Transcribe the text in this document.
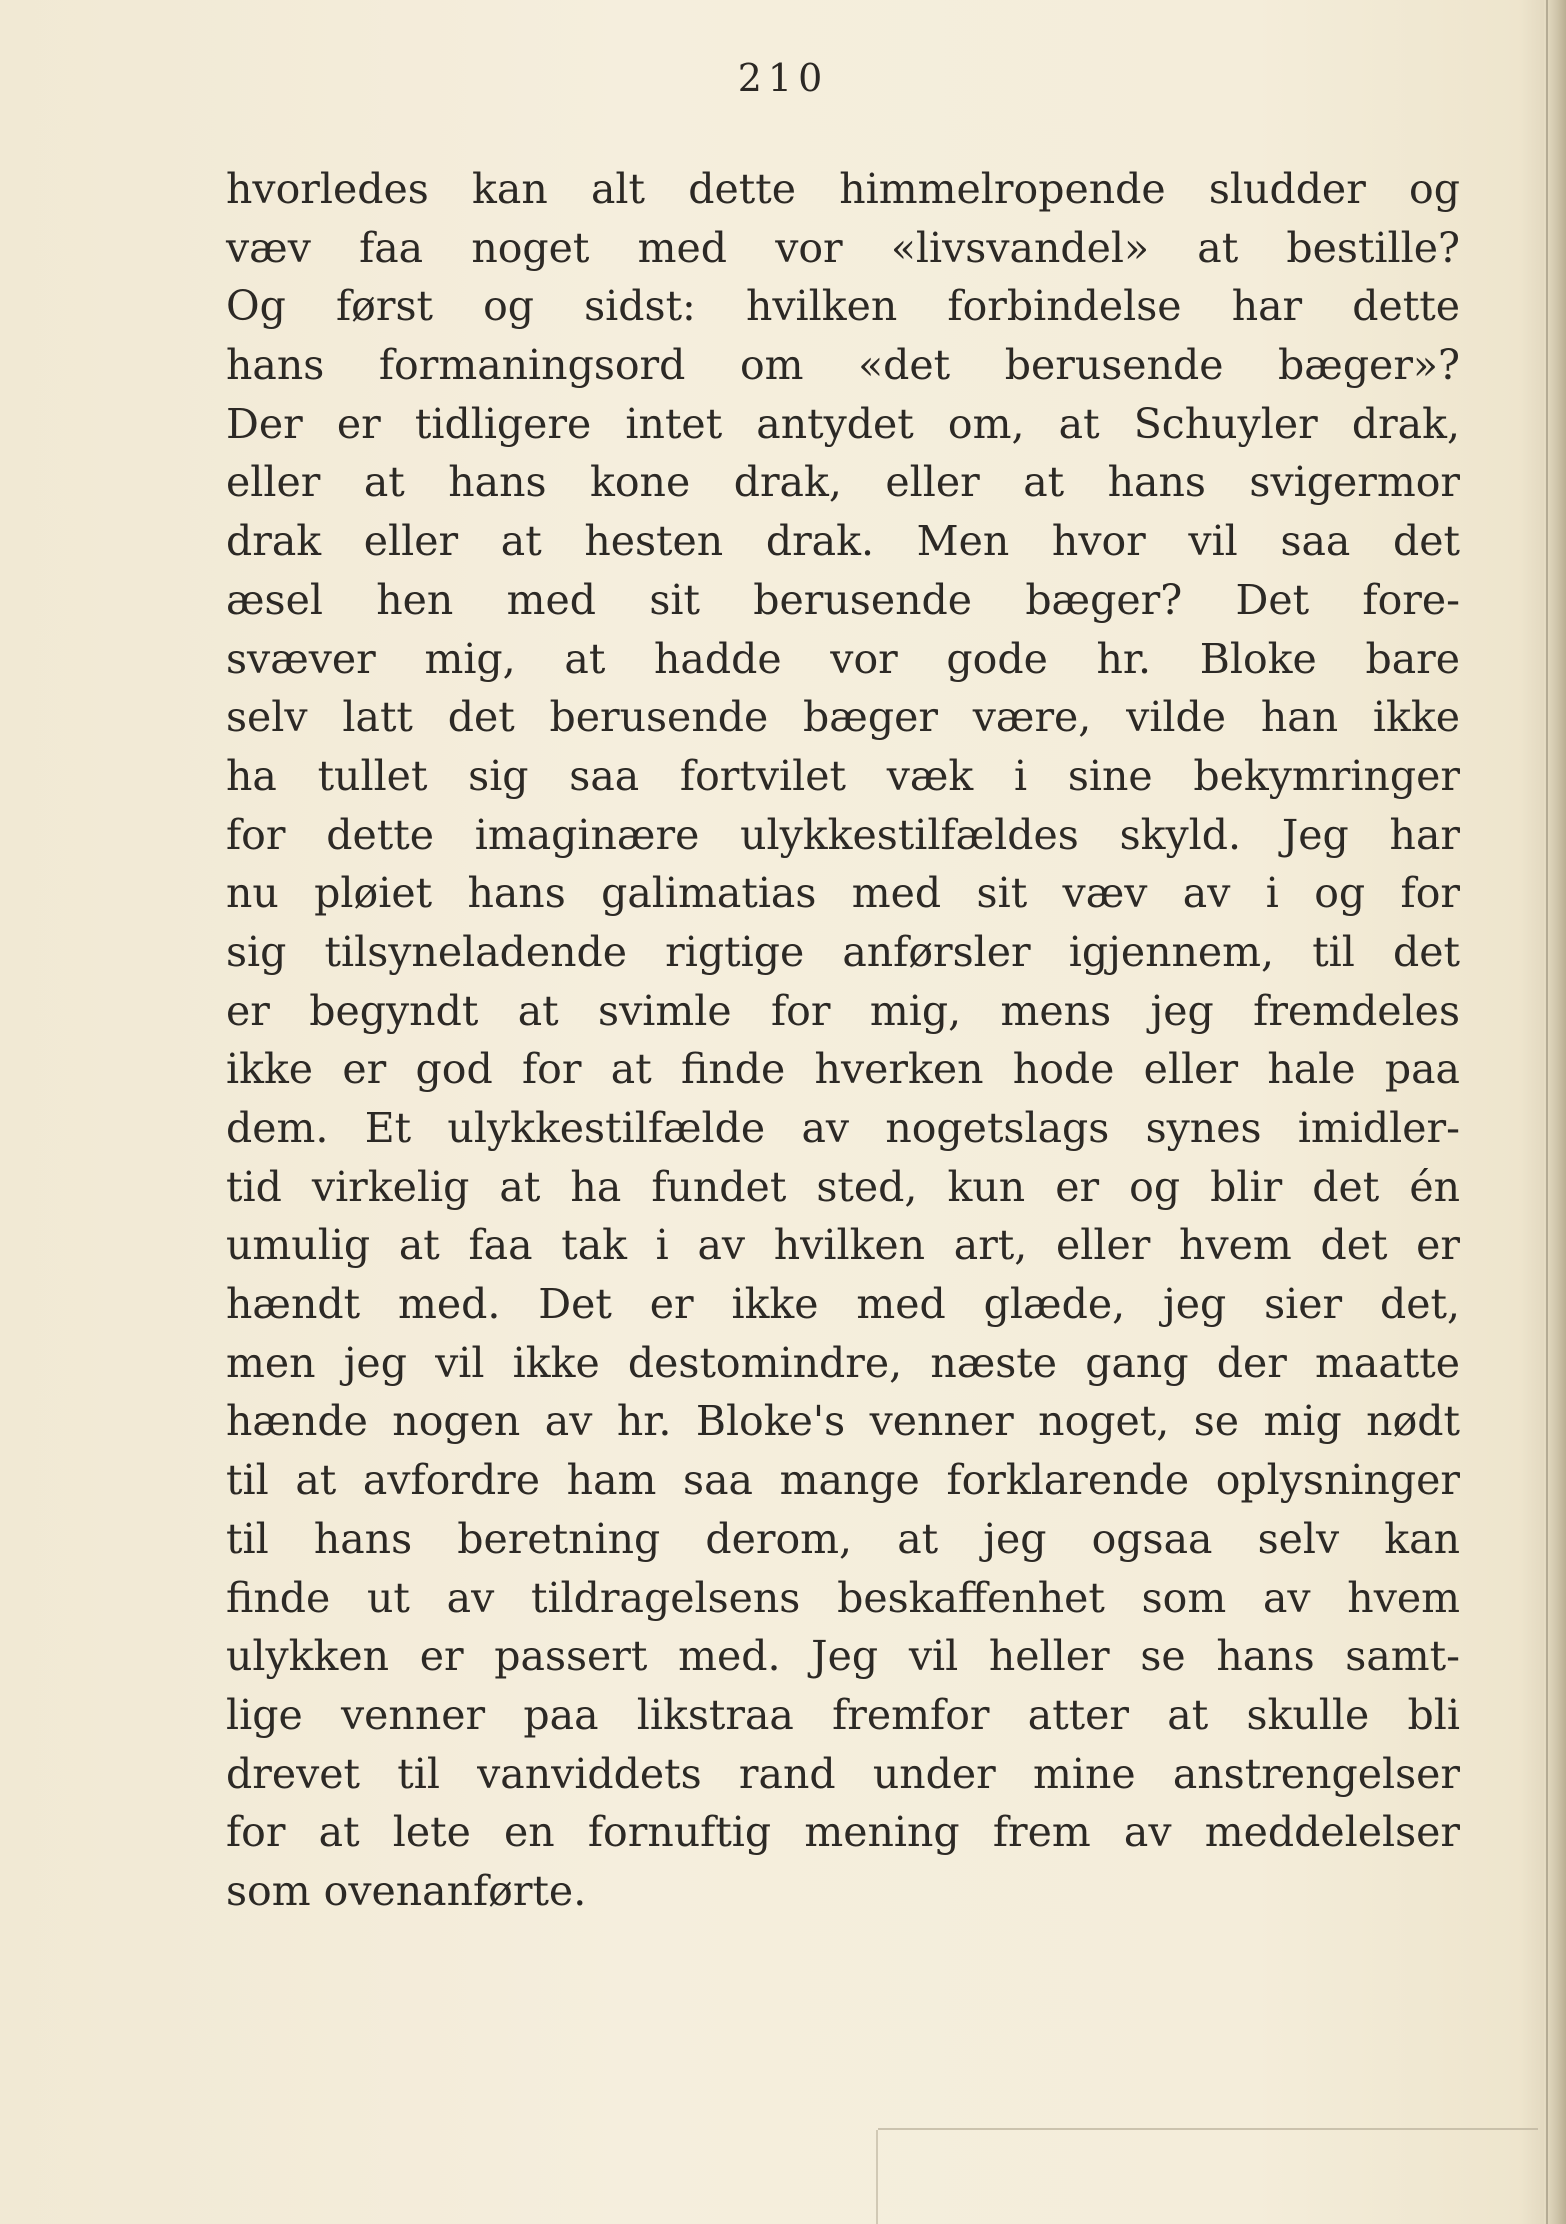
210
hvorledes kan alt dette himmelropende sludder og
væv faa noget med vor «livsvandel» at bestille?
Og først og sidst: hvilken forbindelse har dette
hans formaningsord om «det berusende bæger»?
Der er tidligere intet antydet om, at Schuyler drak,
eller at hans kone drak, eller at hans svigermor
drak eller at hesten drak. Men hvor vil saa det
æsel hen med sit berusende bæger? Det fore-
svæver mig, at hadde vor gode hr. Bloke bare
selv latt det berusende bæger være, vilde han ikke
ha tullet sig saa fortvilet væk i sine bekymringer
for dette imaginære ulykkestilfældes skyld. Jeg har
nu pløiet hans galimatias med sit væv av i og for
sig tilsyneladende rigtige anførsler igjennem, til det
er begyndt at svimle for mig, mens jeg fremdeles
ikke er god for at finde hverken hode eller hale paa
dem. Et ulykkestilfælde av nogetslags synes imidler-
tid virkelig at ha fundet sted, kun er og blir det én
umulig at faa tak i av hvilken art, eller hvem det er
hændt med. Det er ikke med glæde, jeg sier det,
men jeg vil ikke destomindre, næste gang der maatte
hænde nogen av hr. Bloke's venner noget, se mig nødt
til at avfordre ham saa mange forklarende oplysninger
til hans beretning derom, at jeg ogsaa selv kan
finde ut av tildragelsens beskaffenhet som av hvem
ulykken er passert med. Jeg vil heller se hans samt-
lige venner paa likstraa fremfor atter at skulle bli
drevet til vanviddets rand under mine anstrengelser
for at lete en fornuftig mening frem av meddelelser
som ovenanførte.
